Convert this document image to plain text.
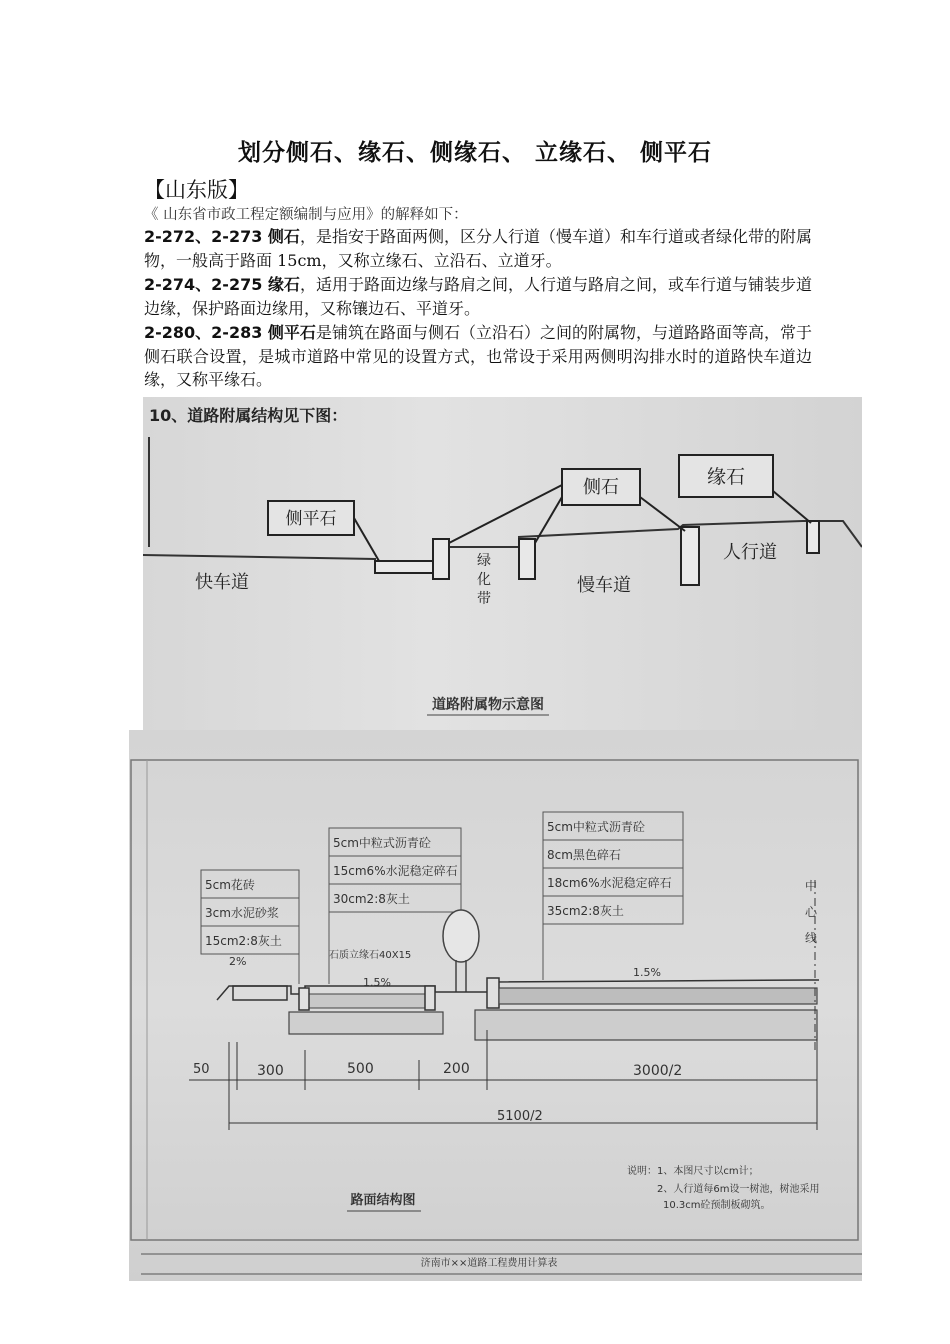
划分侧石、缘石、侧缘石、 立缘石、 侧平石
【山东版】
《 山东省市政工程定额编制与应用》的解释如下：
2-272、2-273 侧石，是指安于路面两侧，区分人行道（慢车道）和车行道或者绿化带的附属物，一般高于路面 15cm，又称立缘石、立沿石、立道牙。
2-274、2-275 缘石，适用于路面边缘与路肩之间，人行道与路肩之间，或车行道与铺装步道边缘，保护路面边缘用，又称镶边石、平道牙。
2-280、2-283 侧平石是铺筑在路面与侧石（立沿石）之间的附属物，与道路路面等高，常于侧石联合设置，是城市道路中常见的设置方式，也常设于采用两侧明沟排水时的道路快车道边缘，又称平缘石。
10、道路附属结构见下图：
侧平石
侧石	缘石
快车道
绿
化
带
慢车道
人行道
道路附属物示意图
5cm花砖
3cm水泥砂浆
15cm2:8灰土
5cm中粒式沥青砼
15cm6%水泥稳定碎石
30cm2:8灰土
5cm中粒式沥青砼
8cm黑色碎石
18cm6%水泥稳定碎石
35cm2:8灰土
石质立缘石40X15
2%
1.5%
1.5%
中
心
线
50	300	500	200	3000/2
5100/2
说明：1、本图尺寸以cm计；
2、人行道每6m设一树池，树池采用
10.3cm砼预制板砌筑。
路面结构图
济南市××道路工程费用计算表
